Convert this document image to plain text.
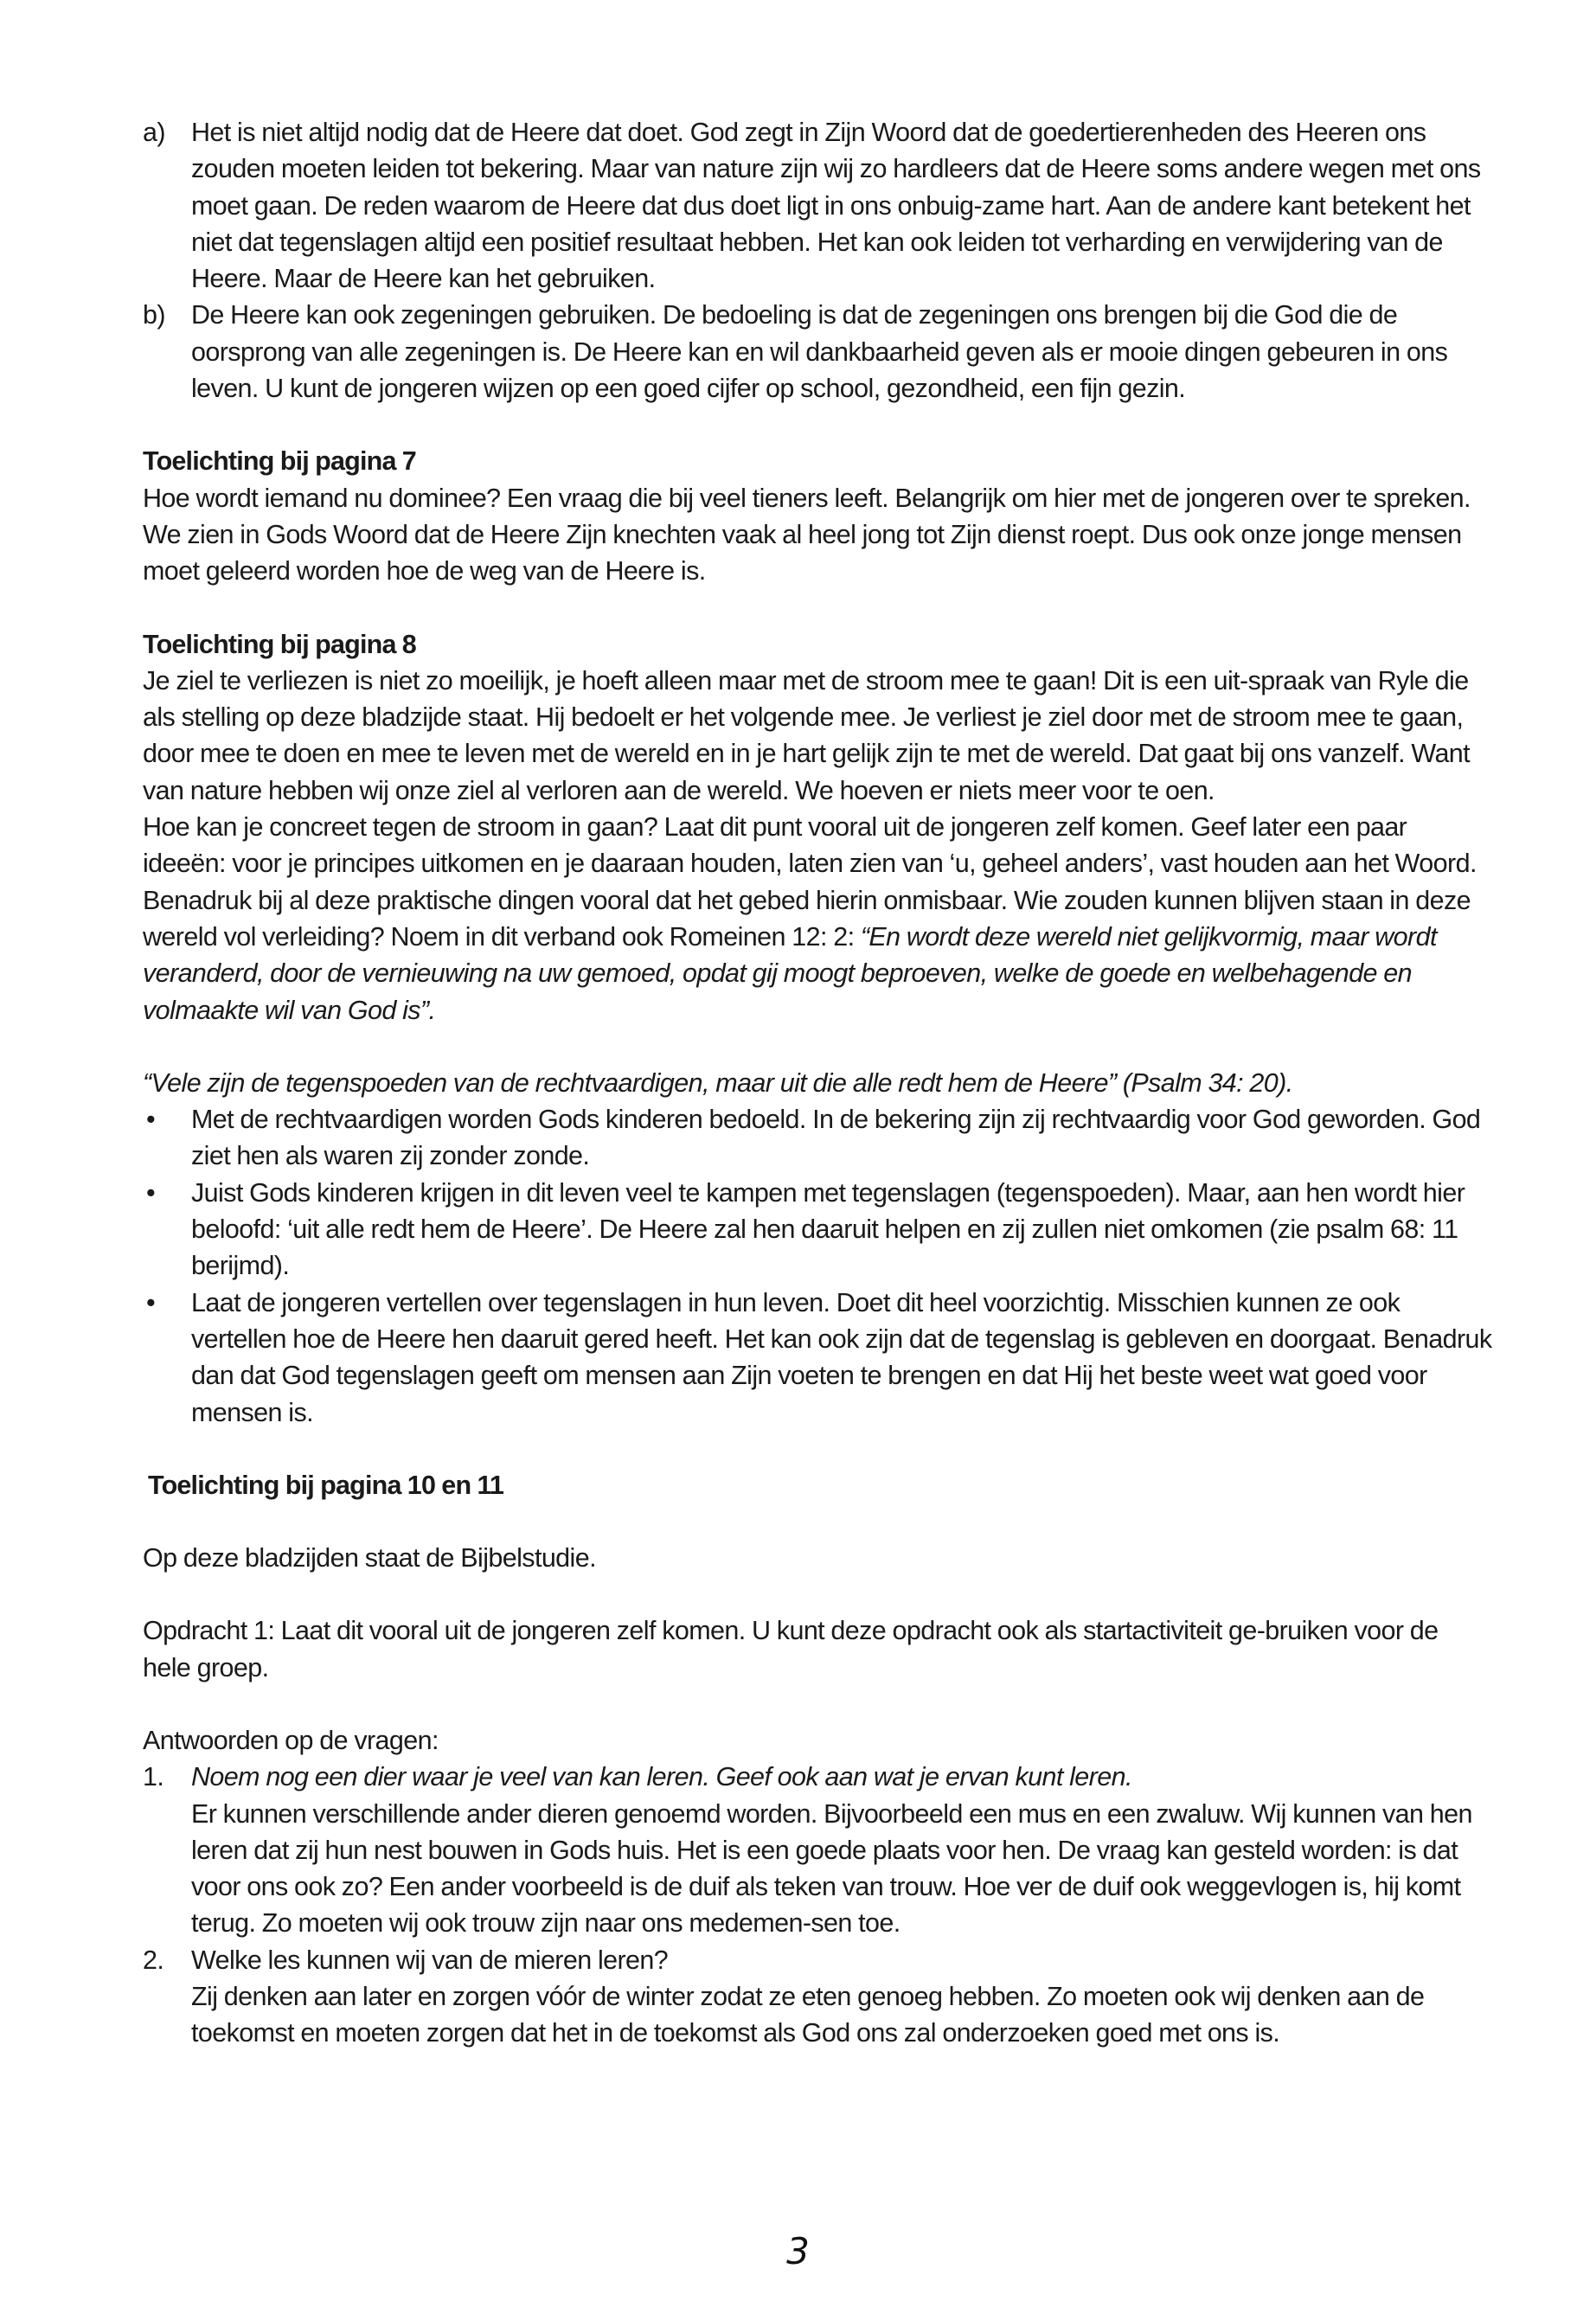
a) Het is niet altijd nodig dat de Heere dat doet. God zegt in Zijn Woord dat de goedertierenheden des Heeren ons zouden moeten leiden tot bekering. Maar van nature zijn wij zo hardleers dat de Heere soms andere wegen met ons moet gaan. De reden waarom de Heere dat dus doet ligt in ons onbuig-zame hart. Aan de andere kant betekent het niet dat tegenslagen altijd een positief resultaat hebben. Het kan ook leiden tot verharding en verwijdering van de Heere. Maar de Heere kan het gebruiken.

b) De Heere kan ook zegeningen gebruiken. De bedoeling is dat de zegeningen ons brengen bij die God die de oorsprong van alle zegeningen is. De Heere kan en wil dankbaarheid geven als er mooie dingen gebeuren in ons leven. U kunt de jongeren wijzen op een goed cijfer op school, gezondheid, een fijn gezin.

Toelichting bij pagina 7

Hoe wordt iemand nu dominee? Een vraag die bij veel tieners leeft. Belangrijk om hier met de jongeren over te spreken. We zien in Gods Woord dat de Heere Zijn knechten vaak al heel jong tot Zijn dienst roept. Dus ook onze jonge mensen moet geleerd worden hoe de weg van de Heere is.

Toelichting bij pagina 8

Je ziel te verliezen is niet zo moeilijk, je hoeft alleen maar met de stroom mee te gaan! Dit is een uit-spraak van Ryle die als stelling op deze bladzijde staat. Hij bedoelt er het volgende mee. Je verliest je ziel door met de stroom mee te gaan, door mee te doen en mee te leven met de wereld en in je hart gelijk zijn te met de wereld. Dat gaat bij ons vanzelf. Want van nature hebben wij onze ziel al verloren aan de wereld. We hoeven er niets meer voor te oen.

Hoe kan je concreet tegen de stroom in gaan? Laat dit punt vooral uit de jongeren zelf komen. Geef later een paar ideeën: voor je principes uitkomen en je daaraan houden, laten zien van ‘u, geheel anders’, vast houden aan het Woord. Benadruk bij al deze praktische dingen vooral dat het gebed hierin onmisbaar. Wie zouden kunnen blijven staan in deze wereld vol verleiding? Noem in dit verband ook Romeinen 12: 2: “En wordt deze wereld niet gelijkvormig, maar wordt veranderd, door de vernieuwing na uw gemoed, opdat gij moogt beproeven, welke de goede en welbehagende en volmaakte wil van God is”.

“Vele zijn de tegenspoeden van de rechtvaardigen, maar uit die alle redt hem de Heere” (Psalm 34: 20).

• Met de rechtvaardigen worden Gods kinderen bedoeld. In de bekering zijn zij rechtvaardig voor God geworden. God ziet hen als waren zij zonder zonde.

• Juist Gods kinderen krijgen in dit leven veel te kampen met tegenslagen (tegenspoeden). Maar, aan hen wordt hier beloofd: ‘uit alle redt hem de Heere’. De Heere zal hen daaruit helpen en zij zullen niet omkomen (zie psalm 68: 11 berijmd).

• Laat de jongeren vertellen over tegenslagen in hun leven. Doet dit heel voorzichtig. Misschien kunnen ze ook vertellen hoe de Heere hen daaruit gered heeft. Het kan ook zijn dat de tegenslag is gebleven en doorgaat. Benadruk dan dat God tegenslagen geeft om mensen aan Zijn voeten te brengen en dat Hij het beste weet wat goed voor mensen is.

Toelichting bij pagina 10 en 11

Op deze bladzijden staat de Bijbelstudie.

Opdracht 1: Laat dit vooral uit de jongeren zelf komen. U kunt deze opdracht ook als startactiviteit ge-bruiken voor de hele groep.

Antwoorden op de vragen:

1. Noem nog een dier waar je veel van kan leren. Geef ook aan wat je ervan kunt leren.

Er kunnen verschillende ander dieren genoemd worden. Bijvoorbeeld een mus en een zwaluw. Wij kunnen van hen leren dat zij hun nest bouwen in Gods huis. Het is een goede plaats voor hen. De vraag kan gesteld worden: is dat voor ons ook zo? Een ander voorbeeld is de duif als teken van trouw. Hoe ver de duif ook weggevlogen is, hij komt terug. Zo moeten wij ook trouw zijn naar ons medemen-sen toe.

2. Welke les kunnen wij van de mieren leren?

Zij denken aan later en zorgen vóór de winter zodat ze eten genoeg hebben. Zo moeten ook wij denken aan de toekomst en moeten zorgen dat het in de toekomst als God ons zal onderzoeken goed met ons is.

3
